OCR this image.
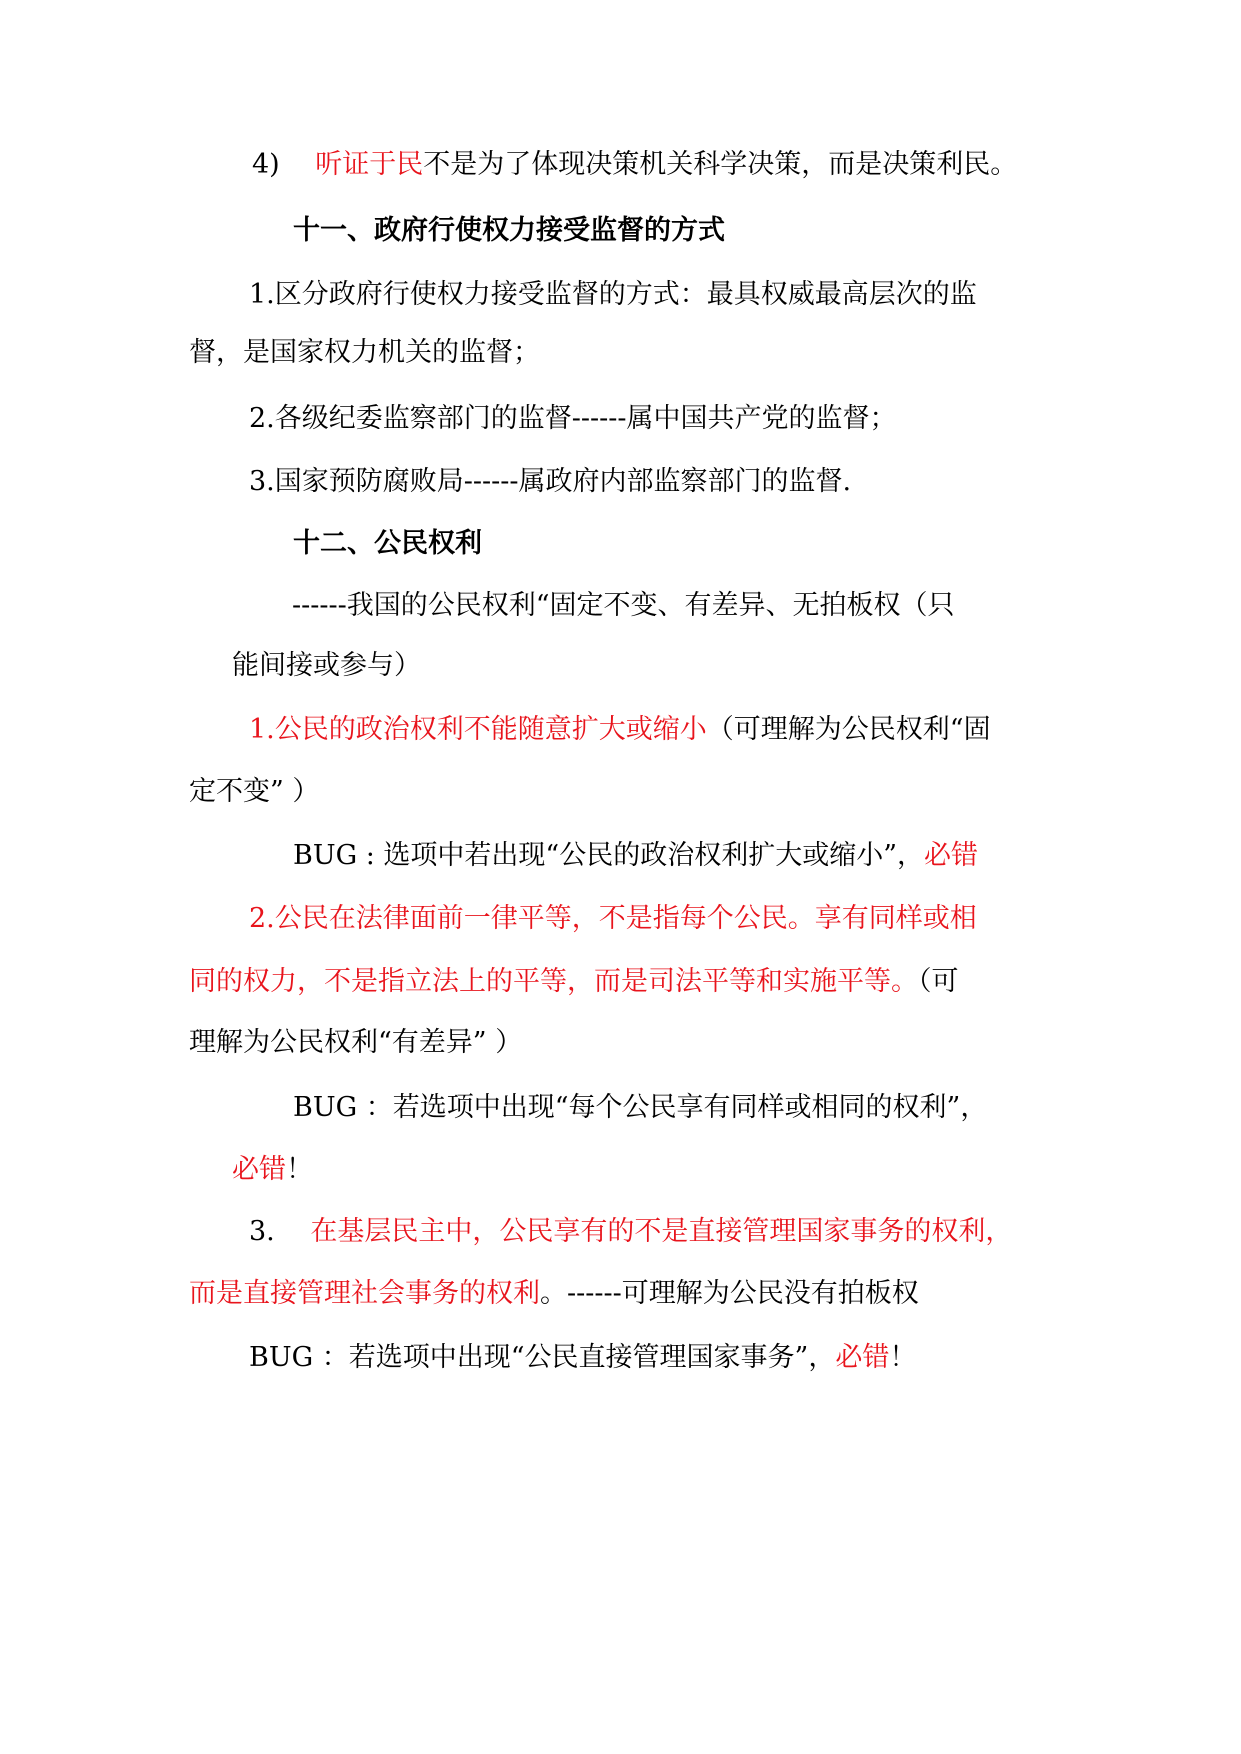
4)　 听证于民不是为了体现决策机关科学决策，而是决策利民。
十一、政府行使权力接受监督的方式
1.区分政府行使权力接受监督的方式：最具权威最高层次的监
督，是国家权力机关的监督；
2.各级纪委监察部门的监督------属中国共产党的监督；
3.国家预防腐败局------属政府内部监察部门的监督.
十二、公民权利
------我国的公民权利“固定不变、有差异、无拍板权（只
能间接或参与）
1.公民的政治权利不能随意扩大或缩小（可理解为公民权利“固
定不变” ）
BUG : 选项中若出现“公民的政治权利扩大或缩小”，必错
2.公民在法律面前一律平等，不是指每个公民。享有同样或相
同的权力，不是指立法上的平等，而是司法平等和实施平等。（可
理解为公民权利“有差异” ）
BUG ：若选项中出现“每个公民享有同样或相同的权利”，
必错！
3.　 在基层民主中，公民享有的不是直接管理国家事务的权利，
而是直接管理社会事务的权利。------可理解为公民没有拍板权
BUG ：若选项中出现“公民直接管理国家事务”，必错！
